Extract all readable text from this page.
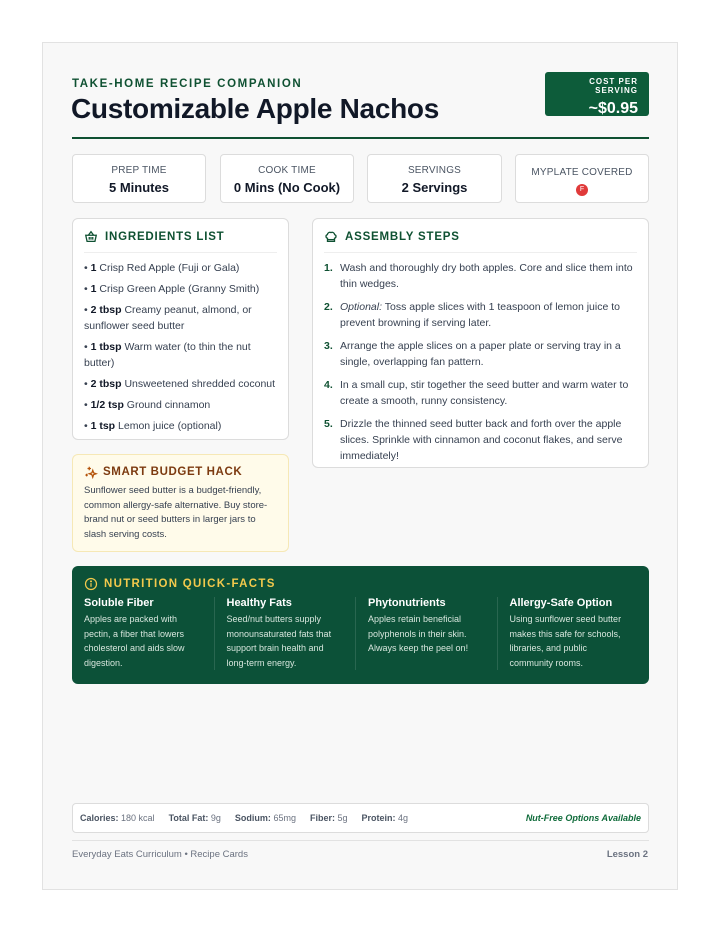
TAKE-HOME RECIPE COMPANION
Customizable Apple Nachos
COST PER SERVING
~$0.95
PREP TIME
5 Minutes
COOK TIME
0 Mins (No Cook)
SERVINGS
2 Servings
MYPLATE COVERED
F
INGREDIENTS LIST
• 1 Crisp Red Apple (Fuji or Gala)
• 1 Crisp Green Apple (Granny Smith)
• 2 tbsp Creamy peanut, almond, or sunflower seed butter
• 1 tbsp Warm water (to thin the nut butter)
• 2 tbsp Unsweetened shredded coconut
• 1/2 tsp Ground cinnamon
• 1 tsp Lemon juice (optional)
ASSEMBLY STEPS
1. Wash and thoroughly dry both apples. Core and slice them into thin wedges.
2. Optional: Toss apple slices with 1 teaspoon of lemon juice to prevent browning if serving later.
3. Arrange the apple slices on a paper plate or serving tray in a single, overlapping fan pattern.
4. In a small cup, stir together the seed butter and warm water to create a smooth, runny consistency.
5. Drizzle the thinned seed butter back and forth over the apple slices. Sprinkle with cinnamon and coconut flakes, and serve immediately!
SMART BUDGET HACK

Sunflower seed butter is a budget-friendly, common allergy-safe alternative. Buy store-brand nut or seed butters in larger jars to slash serving costs.

NUTRITION QUICK-FACTS
Soluble Fiber
Apples are packed with pectin, a fiber that lowers cholesterol and aids slow digestion.
Healthy Fats
Seed/nut butters supply monounsaturated fats that support brain health and long-term energy.
Phytonutrients
Apples retain beneficial polyphenols in their skin. Always keep the peel on!
Allergy-Safe Option
Using sunflower seed butter makes this safe for schools, libraries, and public community rooms.
Calories: 180 kcal Total Fat: 9g Sodium: 65mg Fiber: 5g Protein: 4g	Nut-Free Options Available
Everyday Eats Curriculum • Recipe Cards	Lesson 2
